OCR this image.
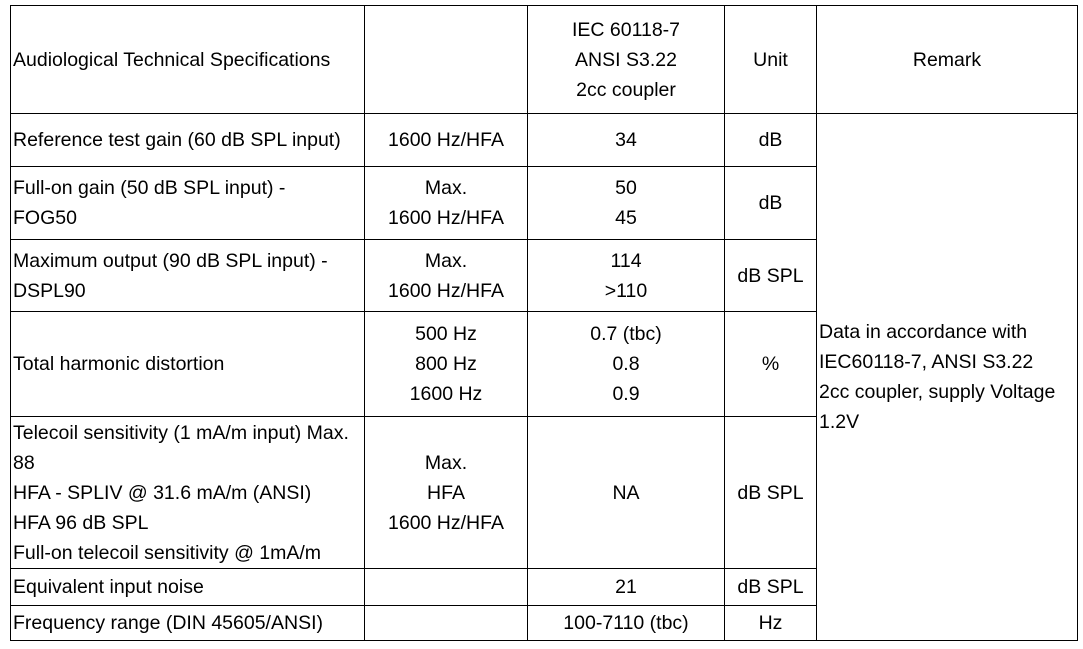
Audiological Technical Specifications		IEC 60118-7
ANSI S3.22
2cc coupler	Unit	Remark

Reference test gain (60 dB SPL input)	1600 Hz/HFA	34	dB	Data in accordance with
IEC60118-7, ANSI S3.22
2cc coupler, supply Voltage
1.2V

Full-on gain (50 dB SPL input) -
FOG50	Max.
1600 Hz/HFA	50
45	dB	

Maximum output (90 dB SPL input) -
DSPL90	Max.
1600 Hz/HFA	114
>110	dB SPL	

Total harmonic distortion	500 Hz
800 Hz
1600 Hz	0.7 (tbc)
0.8
0.9	%	

Telecoil sensitivity (1 mA/m input) Max.
88
HFA - SPLIV @ 31.6 mA/m (ANSI)
HFA 96 dB SPL
Full-on telecoil sensitivity @ 1mA/m	Max.
HFA
1600 Hz/HFA	NA	dB SPL	

Equivalent input noise		21	dB SPL	

Frequency range (DIN 45605/ANSI)		100-7110 (tbc)	Hz	
